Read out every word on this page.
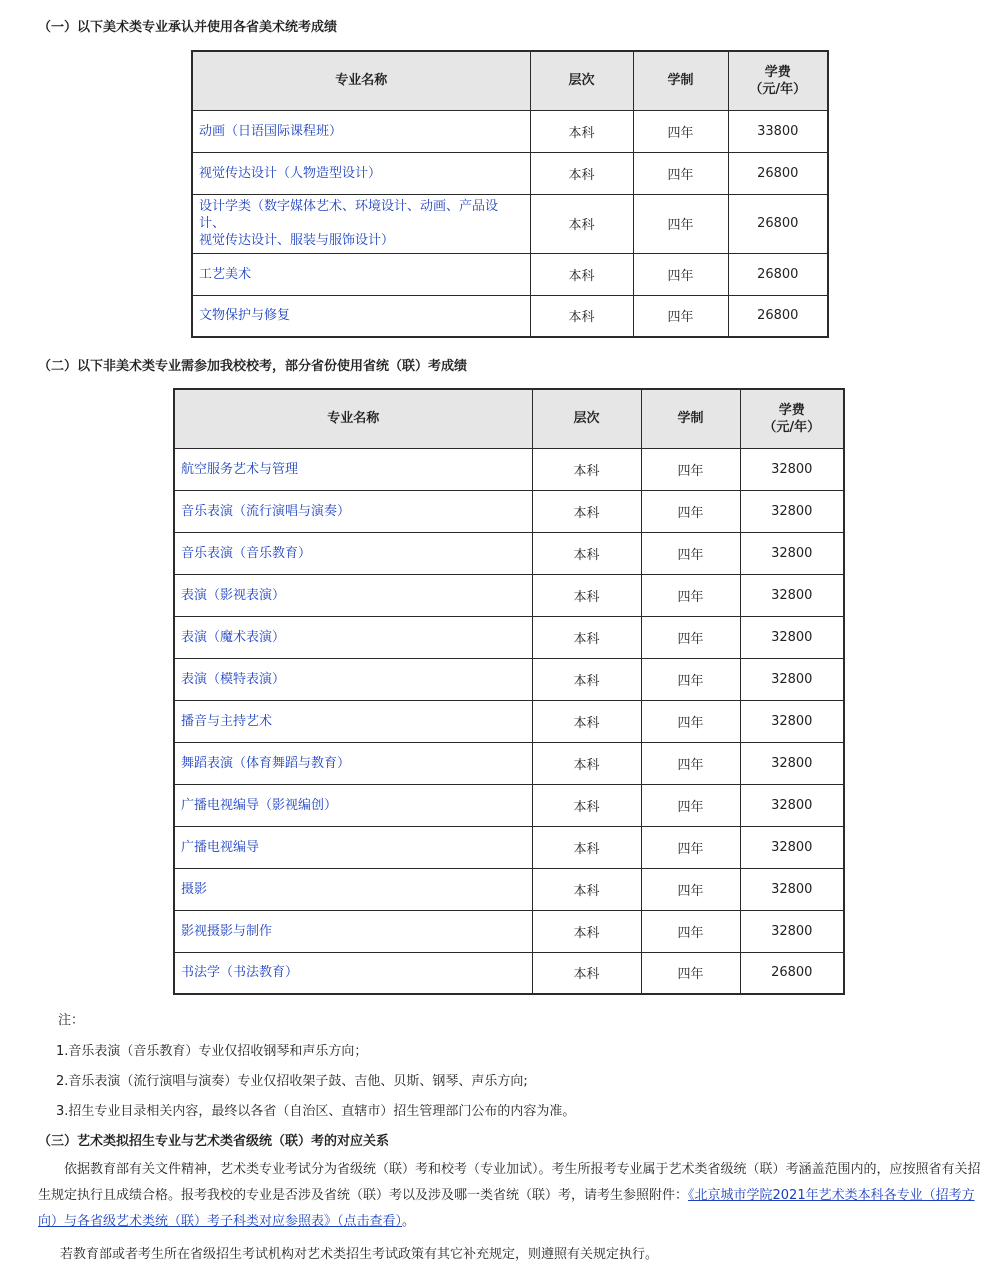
（一）以下美术类专业承认并使用各省美术统考成绩
专业名称	层次	学制	学费
（元/年）
动画（日语国际课程班）	本科	四年	33800
视觉传达设计（人物造型设计）	本科	四年	26800
设计学类（数字媒体艺术、环境设计、动画、产品设计、
视觉传达设计、服装与服饰设计）	本科	四年	26800
工艺美术	本科	四年	26800
文物保护与修复	本科	四年	26800
（二）以下非美术类专业需参加我校校考，部分省份使用省统（联）考成绩
专业名称	层次	学制	学费
（元/年）
航空服务艺术与管理	本科	四年	32800
音乐表演（流行演唱与演奏）	本科	四年	32800
音乐表演（音乐教育）	本科	四年	32800
表演（影视表演）	本科	四年	32800
表演（魔术表演）	本科	四年	32800
表演（模特表演）	本科	四年	32800
播音与主持艺术	本科	四年	32800
舞蹈表演（体育舞蹈与教育）	本科	四年	32800
广播电视编导（影视编创）	本科	四年	32800
广播电视编导	本科	四年	32800
摄影	本科	四年	32800
影视摄影与制作	本科	四年	32800
书法学（书法教育）	本科	四年	26800
注：
1.音乐表演（音乐教育）专业仅招收钢琴和声乐方向；
2.音乐表演（流行演唱与演奏）专业仅招收架子鼓、吉他、贝斯、钢琴、声乐方向;
3.招生专业目录相关内容，最终以各省（自治区、直辖市）招生管理部门公布的内容为准。
（三）艺术类拟招生专业与艺术类省级统（联）考的对应关系
依据教育部有关文件精神，艺术类专业考试分为省级统（联）考和校考（专业加试）。考生所报考专业属于艺术类省级统（联）考涵盖范围内的，应按照省有关招生规定执行且成绩合格。报考我校的专业是否涉及省统（联）考以及涉及哪一类省统（联）考，请考生参照附件：《北京城市学院2021年艺术类本科各专业（招考方向）与各省级艺术类统（联）考子科类对应参照表》（点击查看）。
若教育部或者考生所在省级招生考试机构对艺术类招生考试政策有其它补充规定，则遵照有关规定执行。
